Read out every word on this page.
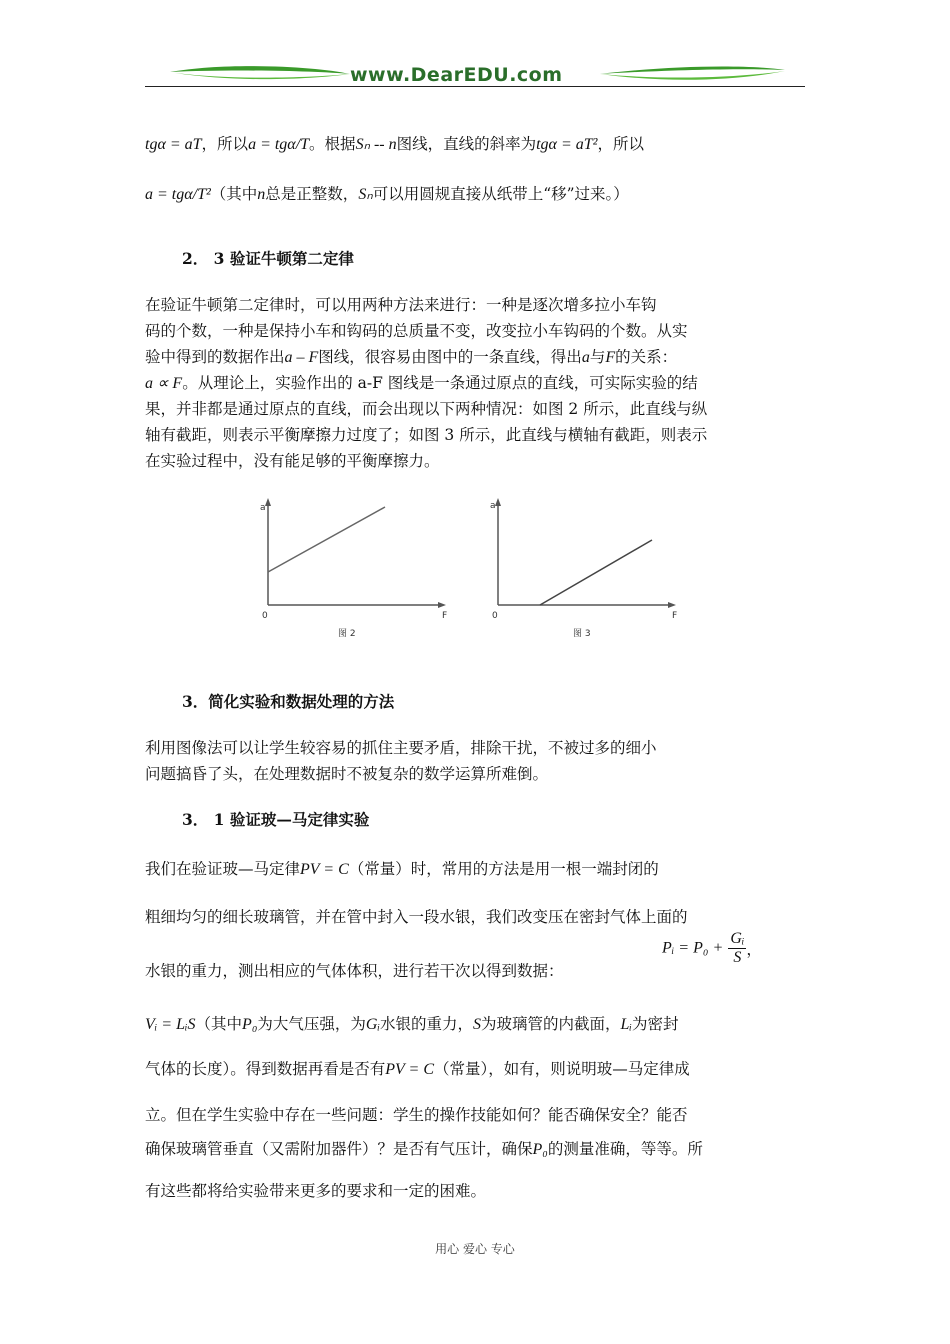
www.DearEDU.com
tgα = aT，所以a = tgα/T。根据Sₙ -- n图线，直线的斜率为tgα = aT²，所以
a = tgα/T²（其中n总是正整数，Sₙ可以用圆规直接从纸带上“移”过来。）
2． 3 验证牛顿第二定律
在验证牛顿第二定律时，可以用两种方法来进行：一种是逐次增多拉小车钩
码的个数，一种是保持小车和钩码的总质量不变，改变拉小车钩码的个数。从实
验中得到的数据作出a – F图线，很容易由图中的一条直线，得出a与F的关系：
a ∝ F。从理论上，实验作出的 a-F 图线是一条通过原点的直线，可实际实验的结
果，并非都是通过原点的直线，而会出现以下两种情况：如图 2 所示，此直线与纵
轴有截距，则表示平衡摩擦力过度了；如图 3 所示，此直线与横轴有截距，则表示
在实验过程中，没有能足够的平衡摩擦力。
a
0	F
图 2
a
0	F
图 3
3．简化实验和数据处理的方法
利用图像法可以让学生较容易的抓住主要矛盾，排除干扰，不被过多的细小
问题搞昏了头，在处理数据时不被复杂的数学运算所难倒。
3． 1 验证玻—马定律实验
我们在验证玻—马定律PV = C（常量）时，常用的方法是用一根一端封闭的
粗细均匀的细长玻璃管，并在管中封入一段水银，我们改变压在密封气体上面的
水银的重力，测出相应的气体体积，进行若干次以得到数据：
Pᵢ = $P_0 + \frac{\text{Gᵢ}}{S}$ ，
Vᵢ = LᵢS（其中P₀为大气压强，为Gᵢ水银的重力，S为玻璃管的内截面，Lᵢ为密封
气体的长度）。得到数据再看是否有PV = C（常量），如有，则说明玻—马定律成
立。但在学生实验中存在一些问题：学生的操作技能如何？能否确保安全？能否
确保玻璃管垂直（又需附加器件）？是否有气压计，确保P₀的测量准确，等等。所
有这些都将给实验带来更多的要求和一定的困难。
用心 爱心 专心
